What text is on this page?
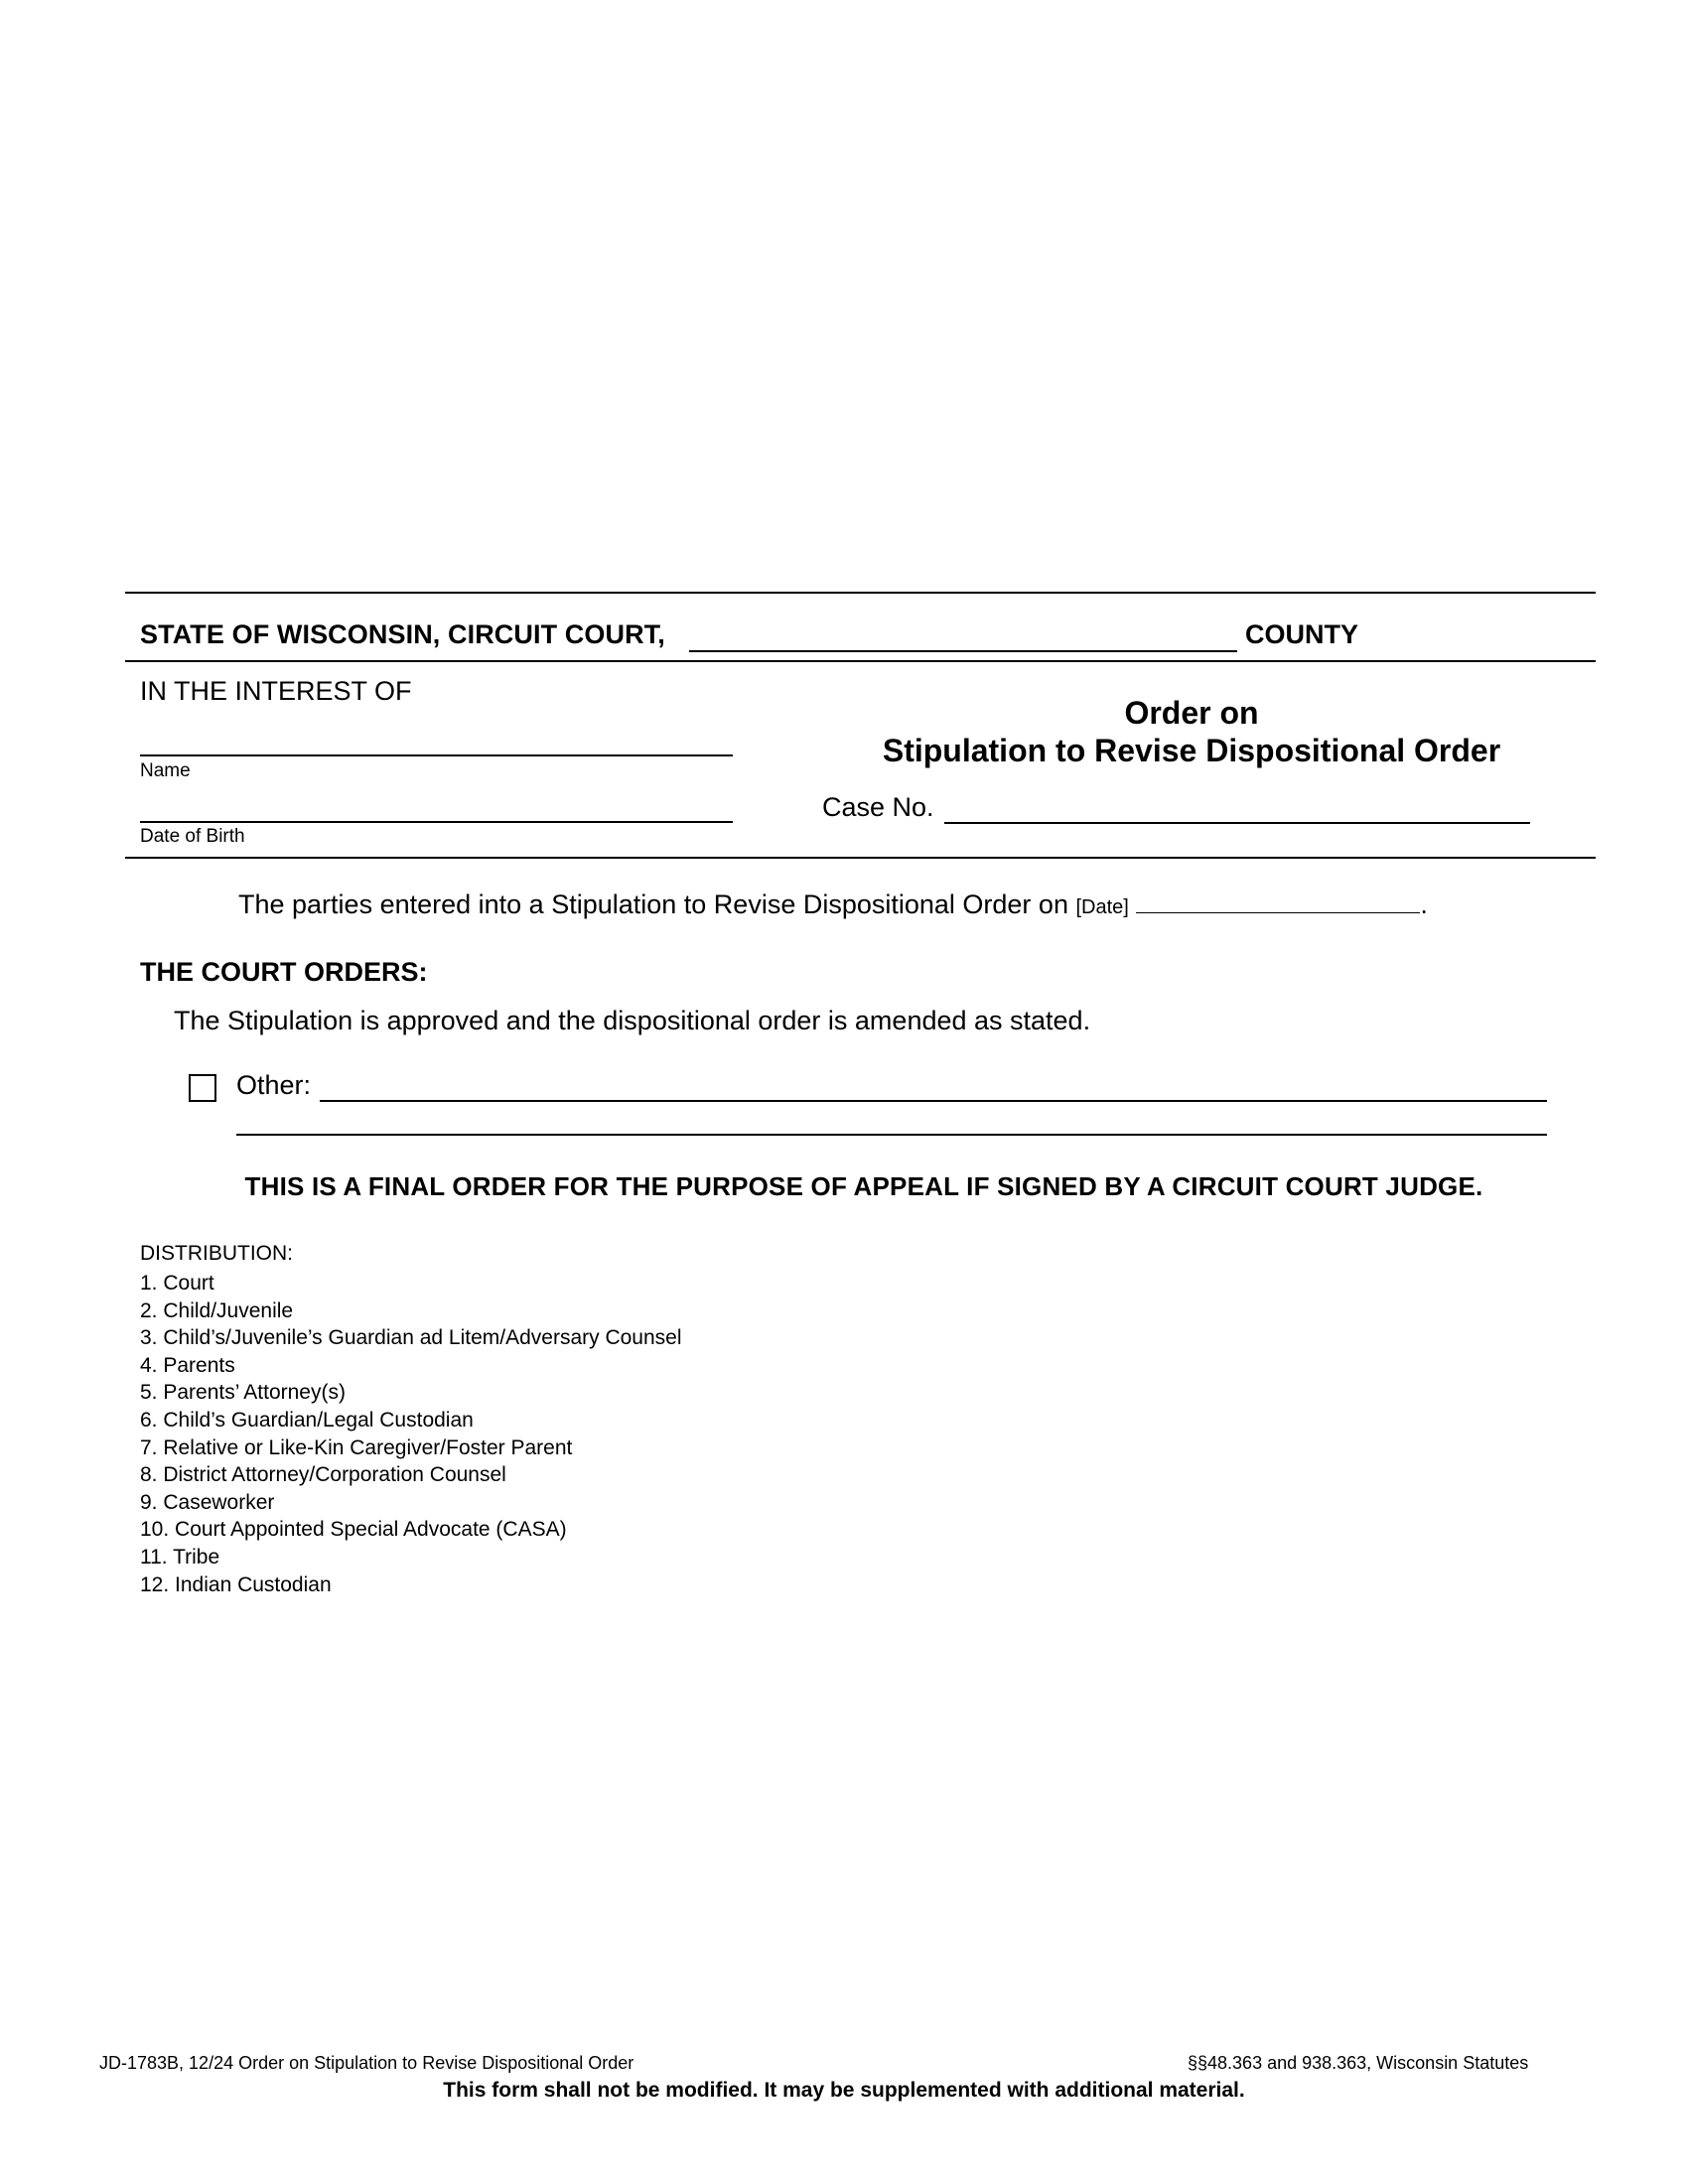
STATE OF WISCONSIN, CIRCUIT COURT,	COUNTY
IN THE INTEREST OF
Name
Date of Birth
Order on
Stipulation to Revise Dispositional Order
Case No.
The parties entered into a Stipulation to Revise Dispositional Order on [Date]	.
THE COURT ORDERS:
The Stipulation is approved and the dispositional order is amended as stated.
Other:
THIS IS A FINAL ORDER FOR THE PURPOSE OF APPEAL IF SIGNED BY A CIRCUIT COURT JUDGE.
DISTRIBUTION:
1. Court
2. Child/Juvenile
3. Child’s/Juvenile’s Guardian ad Litem/Adversary Counsel
4. Parents
5. Parents’ Attorney(s)
6. Child’s Guardian/Legal Custodian
7. Relative or Like-Kin Caregiver/Foster Parent
8. District Attorney/Corporation Counsel
9. Caseworker
10. Court Appointed Special Advocate (CASA)
11. Tribe
12. Indian Custodian
JD-1783B, 12/24 Order on Stipulation to Revise Dispositional Order	§§48.363 and 938.363, Wisconsin Statutes
This form shall not be modified. It may be supplemented with additional material.
